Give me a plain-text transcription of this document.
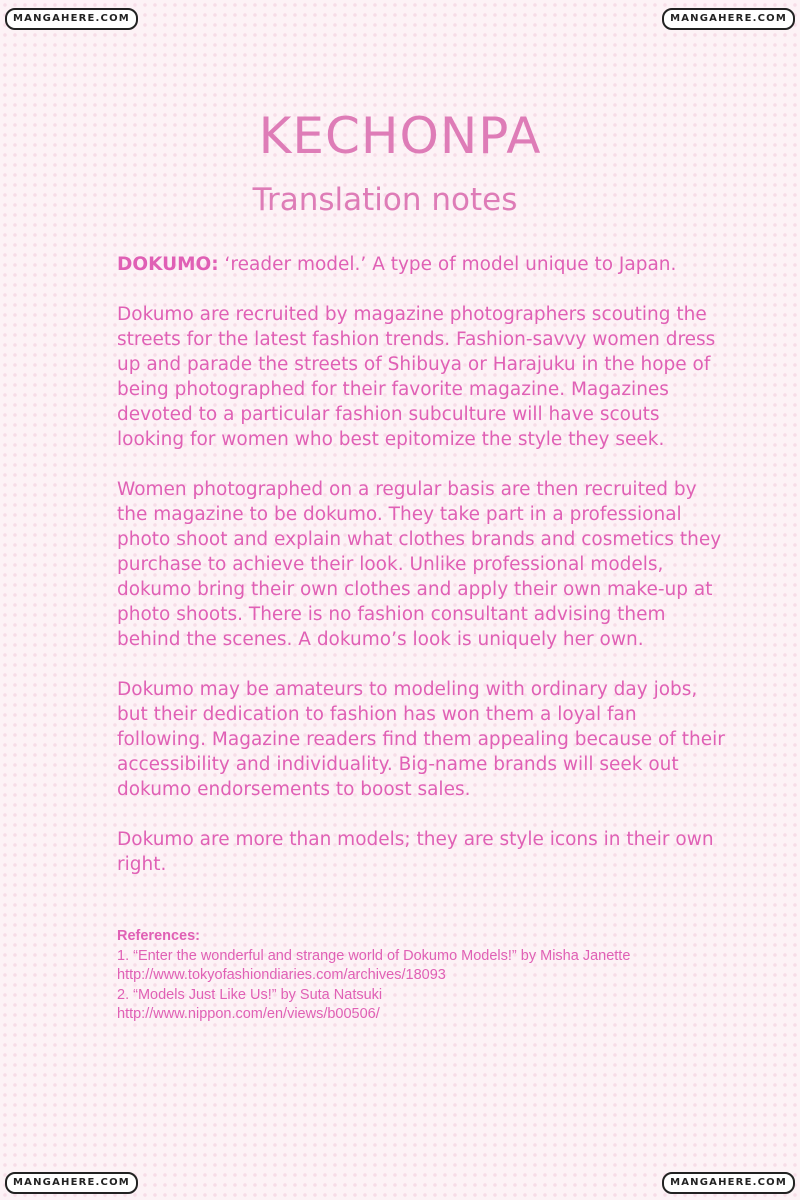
MANGAHERE.COM	MANGAHERE.COM
KECHONPA
Translation notes

DOKUMO: ‘reader model.’ A type of model unique to Japan.

Dokumo are recruited by magazine photographers scouting the streets for the latest fashion trends. Fashion-savvy women dress up and parade the streets of Shibuya or Harajuku in the hope of being photographed for their favorite magazine. Magazines devoted to a particular fashion subculture will have scouts looking for women who best epitomize the style they seek.

Women photographed on a regular basis are then recruited by the magazine to be dokumo. They take part in a professional photo shoot and explain what clothes brands and cosmetics they purchase to achieve their look. Unlike professional models, dokumo bring their own clothes and apply their own make-up at photo shoots. There is no fashion consultant advising them behind the scenes. A dokumo’s look is uniquely her own.

Dokumo may be amateurs to modeling with ordinary day jobs, but their dedication to fashion has won them a loyal fan following. Magazine readers find them appealing because of their accessibility and individuality. Big-name brands will seek out dokumo endorsements to boost sales.

Dokumo are more than models; they are style icons in their own right.

References:
1. “Enter the wonderful and strange world of Dokumo Models!” by Misha Janette
http://www.tokyofashiondiaries.com/archives/18093
2. “Models Just Like Us!” by Suta Natsuki
http://www.nippon.com/en/views/b00506/
MANGAHERE.COM	MANGAHERE.COM
